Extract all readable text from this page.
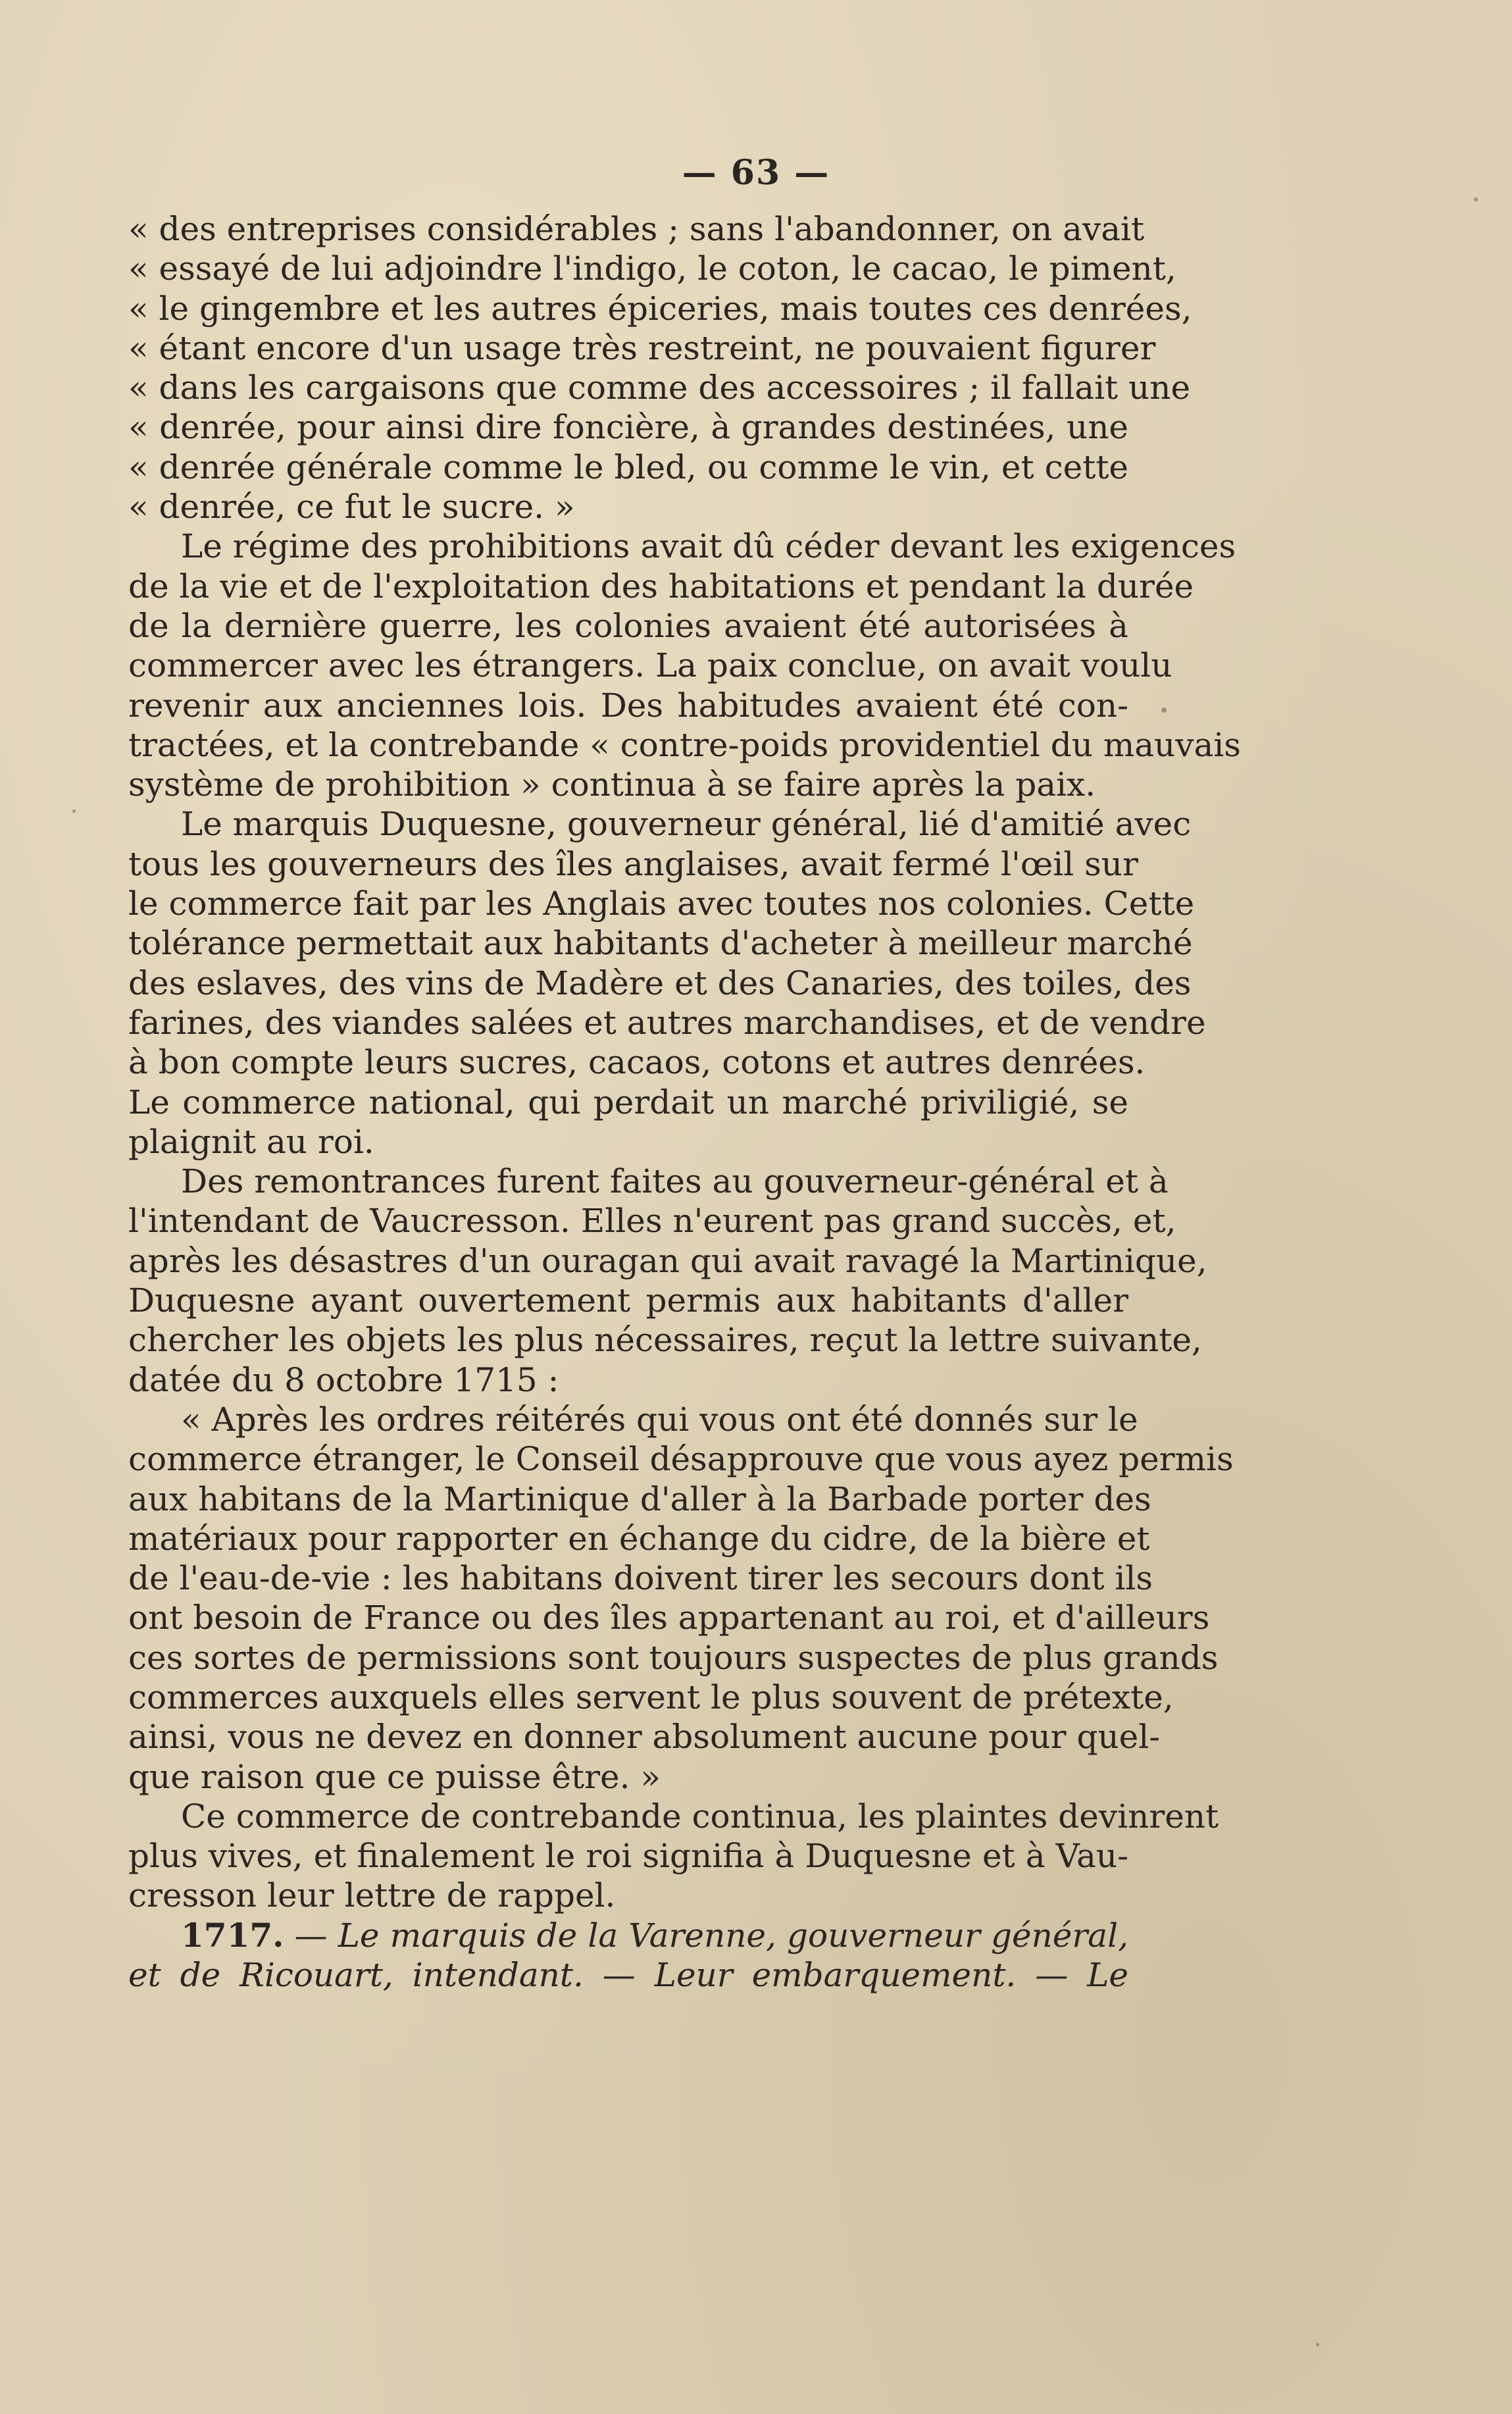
— 63 —
« des entreprises considérables ; sans l'abandonner, on avait
« essayé de lui adjoindre l'indigo, le coton, le cacao, le piment,
« le gingembre et les autres épiceries, mais toutes ces denrées,
« étant encore d'un usage très restreint, ne pouvaient figurer
« dans les cargaisons que comme des accessoires ; il fallait une
« denrée, pour ainsi dire foncière, à grandes destinées, une
« denrée générale comme le bled, ou comme le vin, et cette
« denrée, ce fut le sucre. »
Le régime des prohibitions avait dû céder devant les exigences
de la vie et de l'exploitation des habitations et pendant la durée
de la dernière guerre, les colonies avaient été autorisées à
commercer avec les étrangers. La paix conclue, on avait voulu
revenir aux anciennes lois. Des habitudes avaient été con-
tractées, et la contrebande « contre-poids providentiel du mauvais
système de prohibition » continua à se faire après la paix.
Le marquis Duquesne, gouverneur général, lié d'amitié avec
tous les gouverneurs des îles anglaises, avait fermé l'œil sur
le commerce fait par les Anglais avec toutes nos colonies. Cette
tolérance permettait aux habitants d'acheter à meilleur marché
des eslaves, des vins de Madère et des Canaries, des toiles, des
farines, des viandes salées et autres marchandises, et de vendre
à bon compte leurs sucres, cacaos, cotons et autres denrées.
Le commerce national, qui perdait un marché priviligié, se
plaignit au roi.
Des remontrances furent faites au gouverneur-général et à
l'intendant de Vaucresson. Elles n'eurent pas grand succès, et,
après les désastres d'un ouragan qui avait ravagé la Martinique,
Duquesne ayant ouvertement permis aux habitants d'aller
chercher les objets les plus nécessaires, reçut la lettre suivante,
datée du 8 octobre 1715 :
« Après les ordres réitérés qui vous ont été donnés sur le
commerce étranger, le Conseil désapprouve que vous ayez permis
aux habitans de la Martinique d'aller à la Barbade porter des
matériaux pour rapporter en échange du cidre, de la bière et
de l'eau-de-vie : les habitans doivent tirer les secours dont ils
ont besoin de France ou des îles appartenant au roi, et d'ailleurs
ces sortes de permissions sont toujours suspectes de plus grands
commerces auxquels elles servent le plus souvent de prétexte,
ainsi, vous ne devez en donner absolument aucune pour quel-
que raison que ce puisse être. »
Ce commerce de contrebande continua, les plaintes devinrent
plus vives, et finalement le roi signifia à Duquesne et à Vau-
cresson leur lettre de rappel.
1717. — Le marquis de la Varenne, gouverneur général,
et de Ricouart, intendant. — Leur embarquement. — Le
